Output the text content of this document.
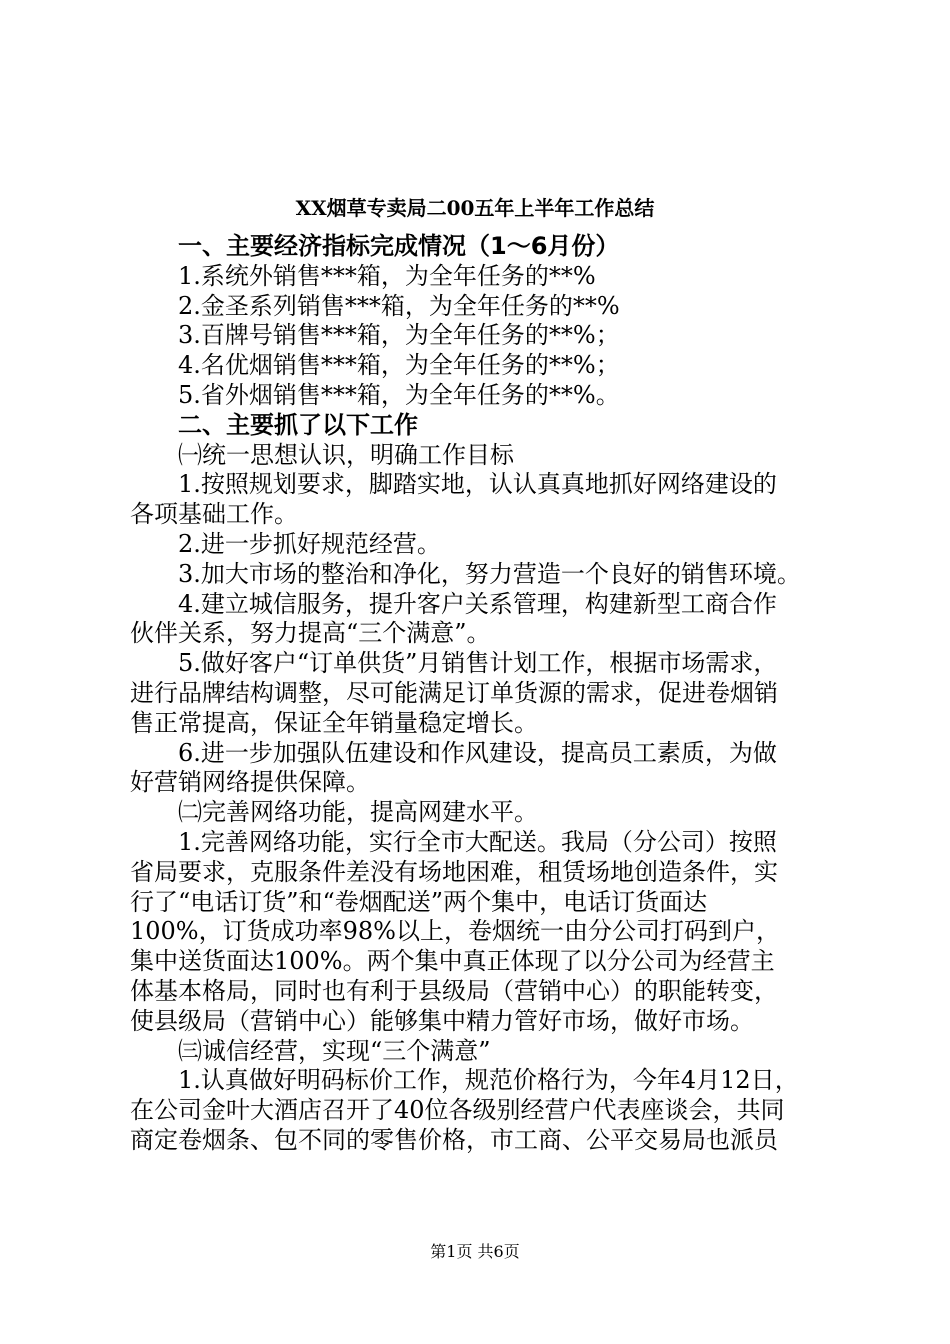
XX烟草专卖局二00五年上半年工作总结
一、主要经济指标完成情况（1～6月份）
1.系统外销售***箱，为全年任务的**%
2.金圣系列销售***箱，为全年任务的**%
3.百牌号销售***箱，为全年任务的**%；
4.名优烟销售***箱，为全年任务的**%；
5.省外烟销售***箱，为全年任务的**%。
二、主要抓了以下工作
㈠统一思想认识，明确工作目标
1.按照规划要求，脚踏实地，认认真真地抓好网络建设的
各项基础工作。
2.进一步抓好规范经营。
3.加大市场的整治和净化，努力营造一个良好的销售环境。
4.建立城信服务，提升客户关系管理，构建新型工商合作
伙伴关系，努力提高“三个满意”。
5.做好客户“订单供货”月销售计划工作，根据市场需求，
进行品牌结构调整，尽可能满足订单货源的需求，促进卷烟销
售正常提高，保证全年销量稳定增长。
6.进一步加强队伍建设和作风建设，提高员工素质，为做
好营销网络提供保障。
㈡完善网络功能，提高网建水平。
1.完善网络功能，实行全市大配送。我局（分公司）按照
省局要求，克服条件差没有场地困难，租赁场地创造条件，实
行了“电话订货”和“卷烟配送”两个集中，电话订货面达
100%，订货成功率98%以上，卷烟统一由分公司打码到户，
集中送货面达100%。两个集中真正体现了以分公司为经营主
体基本格局，同时也有利于县级局（营销中心）的职能转变，
使县级局（营销中心）能够集中精力管好市场，做好市场。
㈢诚信经营，实现“三个满意”
1.认真做好明码标价工作，规范价格行为，今年4月12日，
在公司金叶大酒店召开了40位各级别经营户代表座谈会，共同
商定卷烟条、包不同的零售价格，市工商、公平交易局也派员
第1页 共6页
